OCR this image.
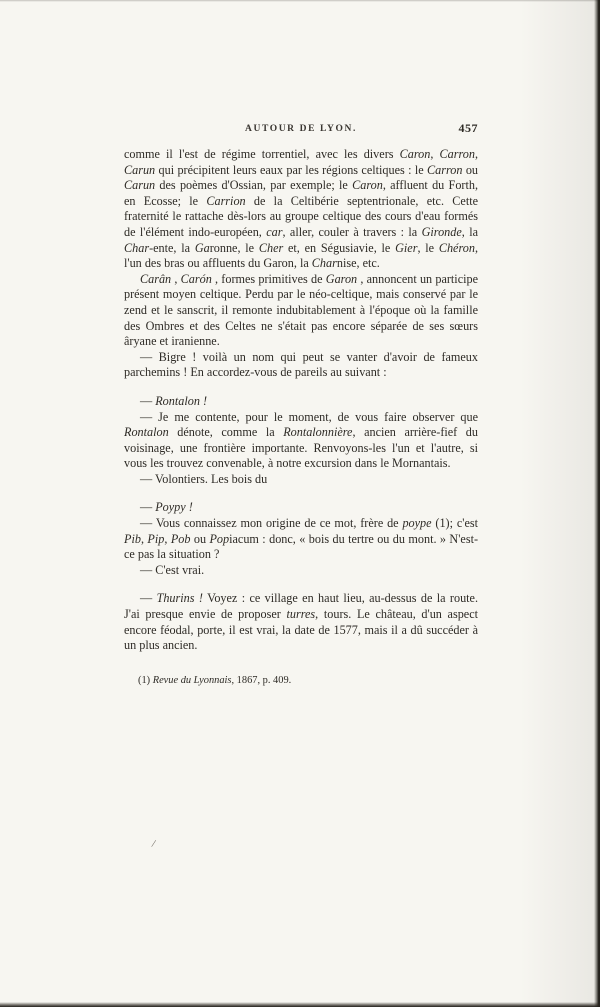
AUTOUR DE LYON.	457

comme il l'est de régime torrentiel, avec les divers Caron, Carron, Carun qui précipitent leurs eaux par les régions celtiques : le Carron ou Carun des poèmes d'Ossian, par exemple; le Caron, affluent du Forth, en Ecosse; le Carrion de la Celtibérie septentrionale, etc. Cette fraternité le rattache dès-lors au groupe celtique des cours d'eau formés de l'élément indo-européen, car, aller, couler à travers : la Gironde, la Char-ente, la Garonne, le Cher et, en Ségusiavie, le Gier, le Chéron, l'un des bras ou affluents du Garon, la Charnise, etc.

Carân , Carón , formes primitives de Garon , annoncent un participe présent moyen celtique. Perdu par le néo-celtique, mais conservé par le zend et le sanscrit, il remonte indubitablement à l'époque où la famille des Ombres et des Celtes ne s'était pas encore séparée de ses sœurs âryane et iranienne.

— Bigre ! voilà un nom qui peut se vanter d'avoir de fameux parchemins ! En accordez-vous de pareils au suivant :

— Rontalon !

— Je me contente, pour le moment, de vous faire observer que Rontalon dénote, comme la Rontalonnière, ancien arrière-fief du voisinage, une frontière importante. Renvoyons-les l'un et l'autre, si vous les trouvez convenable, à notre excursion dans le Mornantais.

— Volontiers. Les bois du

— Poypy !

— Vous connaissez mon origine de ce mot, frère de poype (1); c'est Pib, Pip, Pob ou Popiacum : donc, « bois du tertre ou du mont. » N'est-ce pas la situation ?

— C'est vrai.

— Thurins ! Voyez : ce village en haut lieu, au-dessus de la route. J'ai presque envie de proposer turres, tours. Le château, d'un aspect encore féodal, porte, il est vrai, la date de 1577, mais il a dû succéder à un plus ancien.

(1) Revue du Lyonnais, 1867, p. 409.
/
